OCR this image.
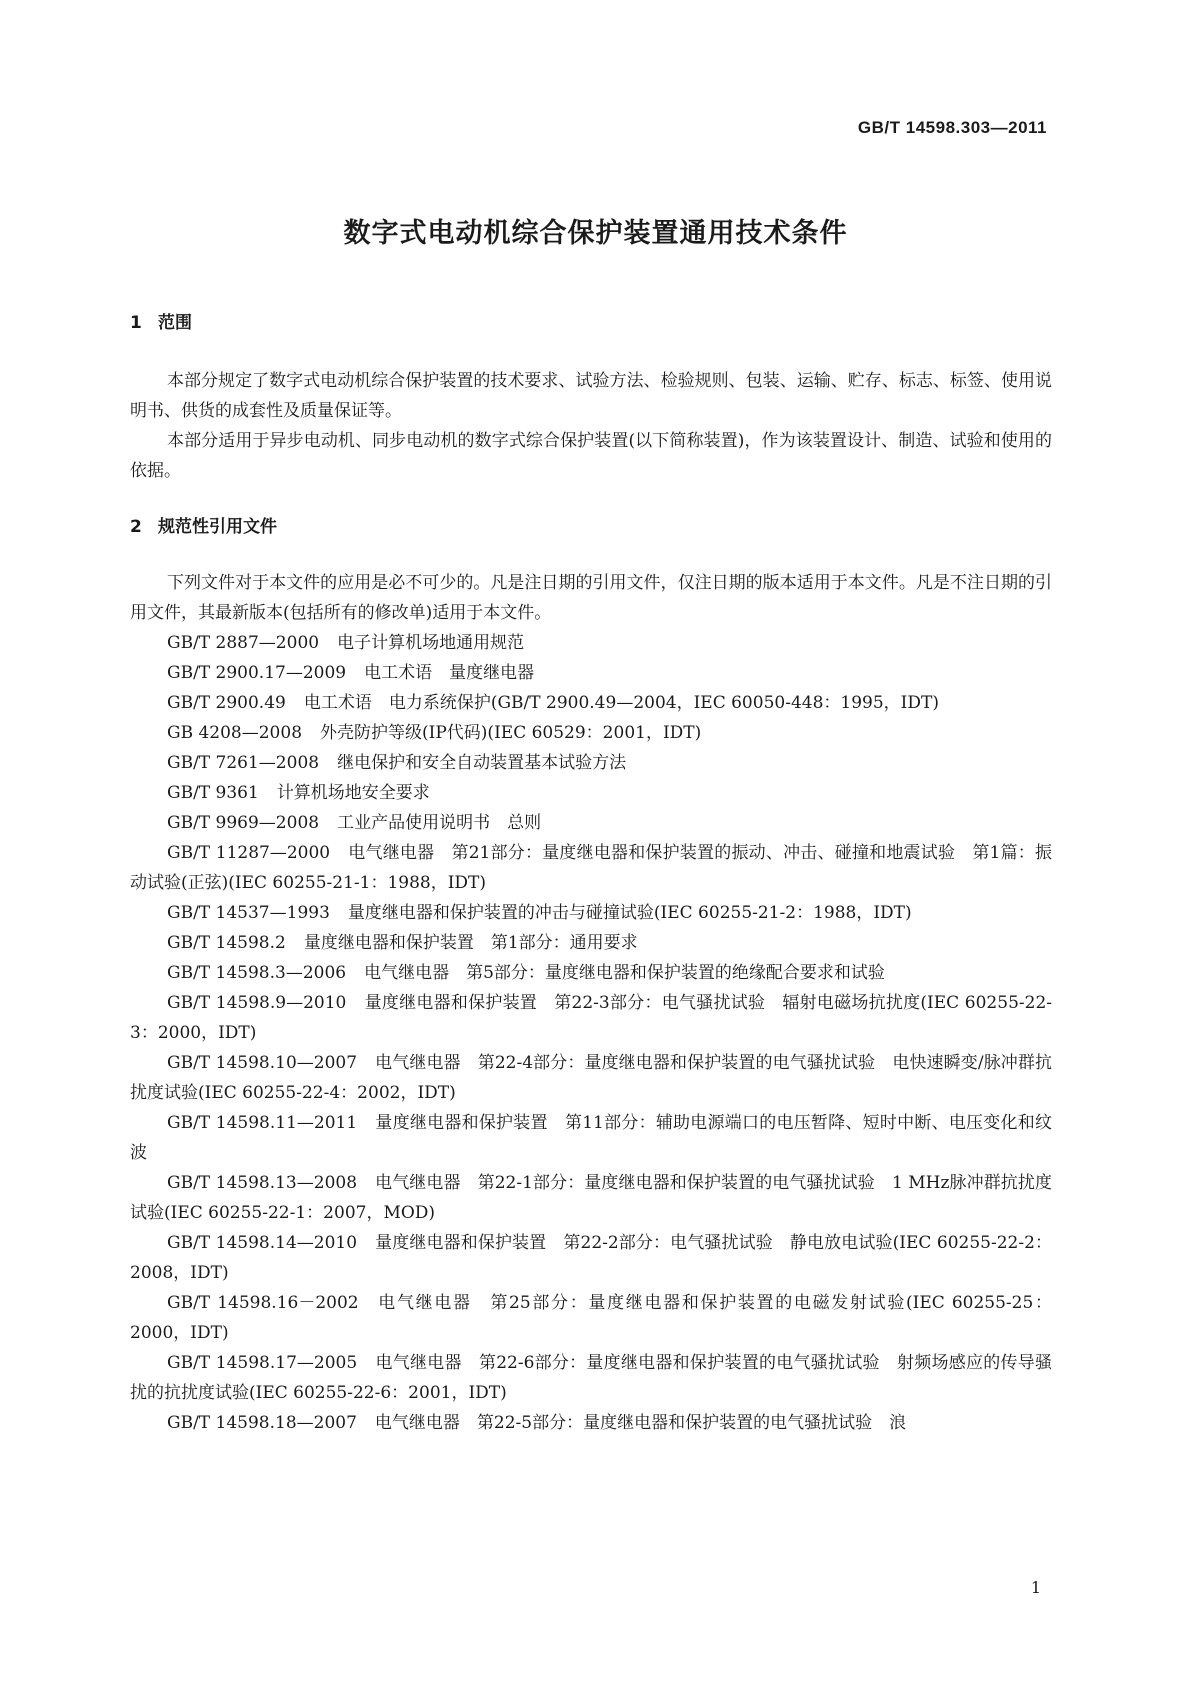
GB/T 14598.303—2011
数字式电动机综合保护装置通用技术条件
1 范围
本部分规定了数字式电动机综合保护装置的技术要求、试验方法、检验规则、包装、运输、贮存、标志、标签、使用说明书、供货的成套性及质量保证等。
本部分适用于异步电动机、同步电动机的数字式综合保护装置(以下简称装置)，作为该装置设计、制造、试验和使用的依据。
2 规范性引用文件
下列文件对于本文件的应用是必不可少的。凡是注日期的引用文件，仅注日期的版本适用于本文件。凡是不注日期的引用文件，其最新版本(包括所有的修改单)适用于本文件。
GB/T 2887—2000 电子计算机场地通用规范
GB/T 2900.17—2009 电工术语　量度继电器
GB/T 2900.49 电工术语　电力系统保护(GB/T 2900.49—2004，IEC 60050-448：1995，IDT)
GB 4208—2008 外壳防护等级(IP代码)(IEC 60529：2001，IDT)
GB/T 7261—2008 继电保护和安全自动装置基本试验方法
GB/T 9361 计算机场地安全要求
GB/T 9969—2008 工业产品使用说明书　总则
GB/T 11287—2000 电气继电器　第21部分：量度继电器和保护装置的振动、冲击、碰撞和地震试验　第1篇：振动试验(正弦)(IEC 60255-21-1：1988，IDT)
GB/T 14537—1993 量度继电器和保护装置的冲击与碰撞试验(IEC 60255-21-2：1988，IDT)
GB/T 14598.2 量度继电器和保护装置　第1部分：通用要求
GB/T 14598.3—2006 电气继电器　第5部分：量度继电器和保护装置的绝缘配合要求和试验
GB/T 14598.9—2010 量度继电器和保护装置　第22-3部分：电气骚扰试验　辐射电磁场抗扰度(IEC 60255-22-3：2000，IDT)
GB/T 14598.10—2007 电气继电器　第22-4部分：量度继电器和保护装置的电气骚扰试验　电快速瞬变/脉冲群抗扰度试验(IEC 60255-22-4：2002，IDT)
GB/T 14598.11—2011 量度继电器和保护装置　第11部分：辅助电源端口的电压暂降、短时中断、电压变化和纹波
GB/T 14598.13—2008 电气继电器　第22-1部分：量度继电器和保护装置的电气骚扰试验　1 MHz脉冲群抗扰度试验(IEC 60255-22-1：2007，MOD)
GB/T 14598.14—2010 量度继电器和保护装置　第22-2部分：电气骚扰试验　静电放电试验(IEC 60255-22-2：2008，IDT)
GB/T 14598.16－2002 电气继电器　第25部分：量度继电器和保护装置的电磁发射试验(IEC 60255-25：2000，IDT)
GB/T 14598.17—2005 电气继电器　第22-6部分：量度继电器和保护装置的电气骚扰试验　射频场感应的传导骚扰的抗扰度试验(IEC 60255-22-6：2001，IDT)
GB/T 14598.18—2007 电气继电器　第22-5部分：量度继电器和保护装置的电气骚扰试验　浪
1
